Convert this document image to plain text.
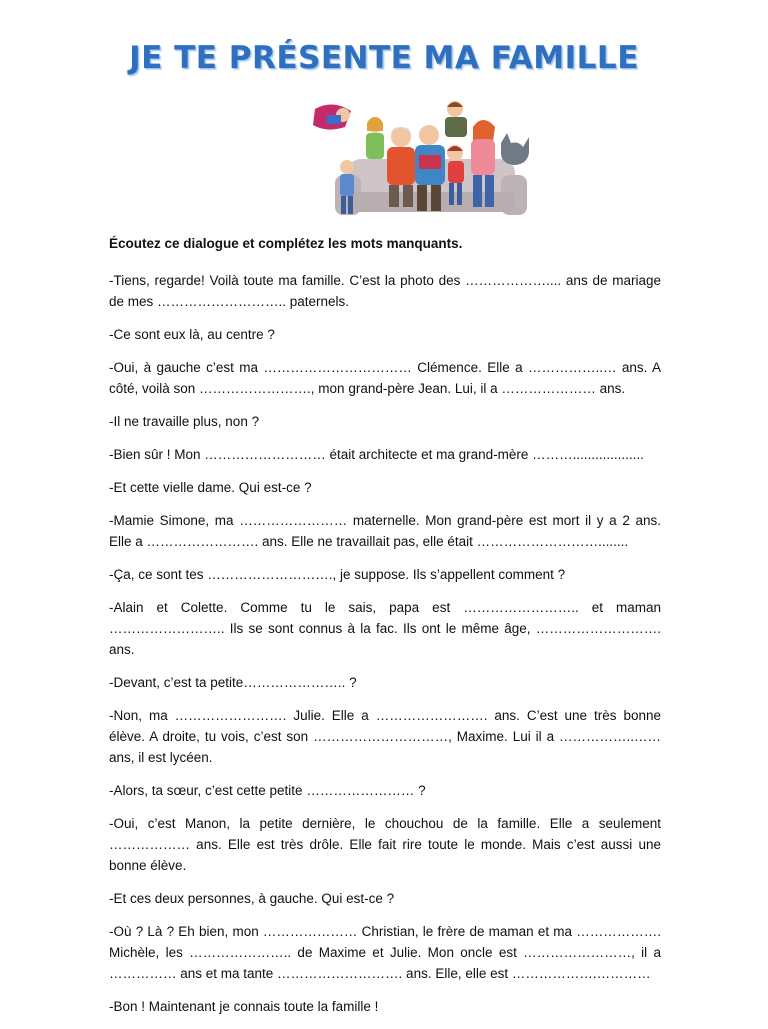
JE TE PRÉSENTE MA FAMILLE
Écoutez ce dialogue et complétez les mots manquants.

-Tiens, regarde! Voilà toute ma famille. C’est la photo des ……………….... ans de mariage de mes ……………………….. paternels.

-Ce sont eux là, au centre ?

-Oui, à gauche c’est ma …………………………… Clémence. Elle a ……………..… ans. A côté, voilà son ……………………., mon grand-père Jean. Lui, il a ………………… ans.

-Il ne travaille plus, non ?

-Bien sûr ! Mon ……………………… était architecte et ma grand-mère ………...................

-Et cette vielle dame. Qui est-ce ?

-Mamie Simone, ma …………………… maternelle. Mon grand-père est mort il y a 2 ans. Elle a ……………………. ans. Elle ne travaillait pas, elle était ………………………........

-Ça, ce sont tes ………………………., je suppose. Ils s’appellent comment ?

-Alain et Colette. Comme tu le sais, papa est …………………….. et maman …………………….. Ils se sont connus à la fac. Ils ont le même âge, ………………………. ans.

-Devant, c’est ta petite………………….. ?

-Non, ma ……………………. Julie. Elle a ……………………. ans. C’est une très bonne élève. A droite, tu vois, c’est son …………………………, Maxime. Lui il a ……………..…… ans, il est lycéen.

-Alors, ta sœur, c’est cette petite …………………… ?

-Oui, c’est Manon, la petite dernière, le chouchou de la famille. Elle a seulement ……………… ans. Elle est très drôle. Elle fait rire toute le monde. Mais c’est aussi une bonne élève.

-Et ces deux personnes, à gauche. Qui est-ce ?

-Où ? Là ? Eh bien, mon ………………… Christian, le frère de maman et ma ………………. Michèle, les ………………….. de Maxime et Julie. Mon oncle est ……………………, il a …………… ans et ma tante ………………………. ans. Elle, elle est ……………….…………

-Bon ! Maintenant je connais toute la famille !
